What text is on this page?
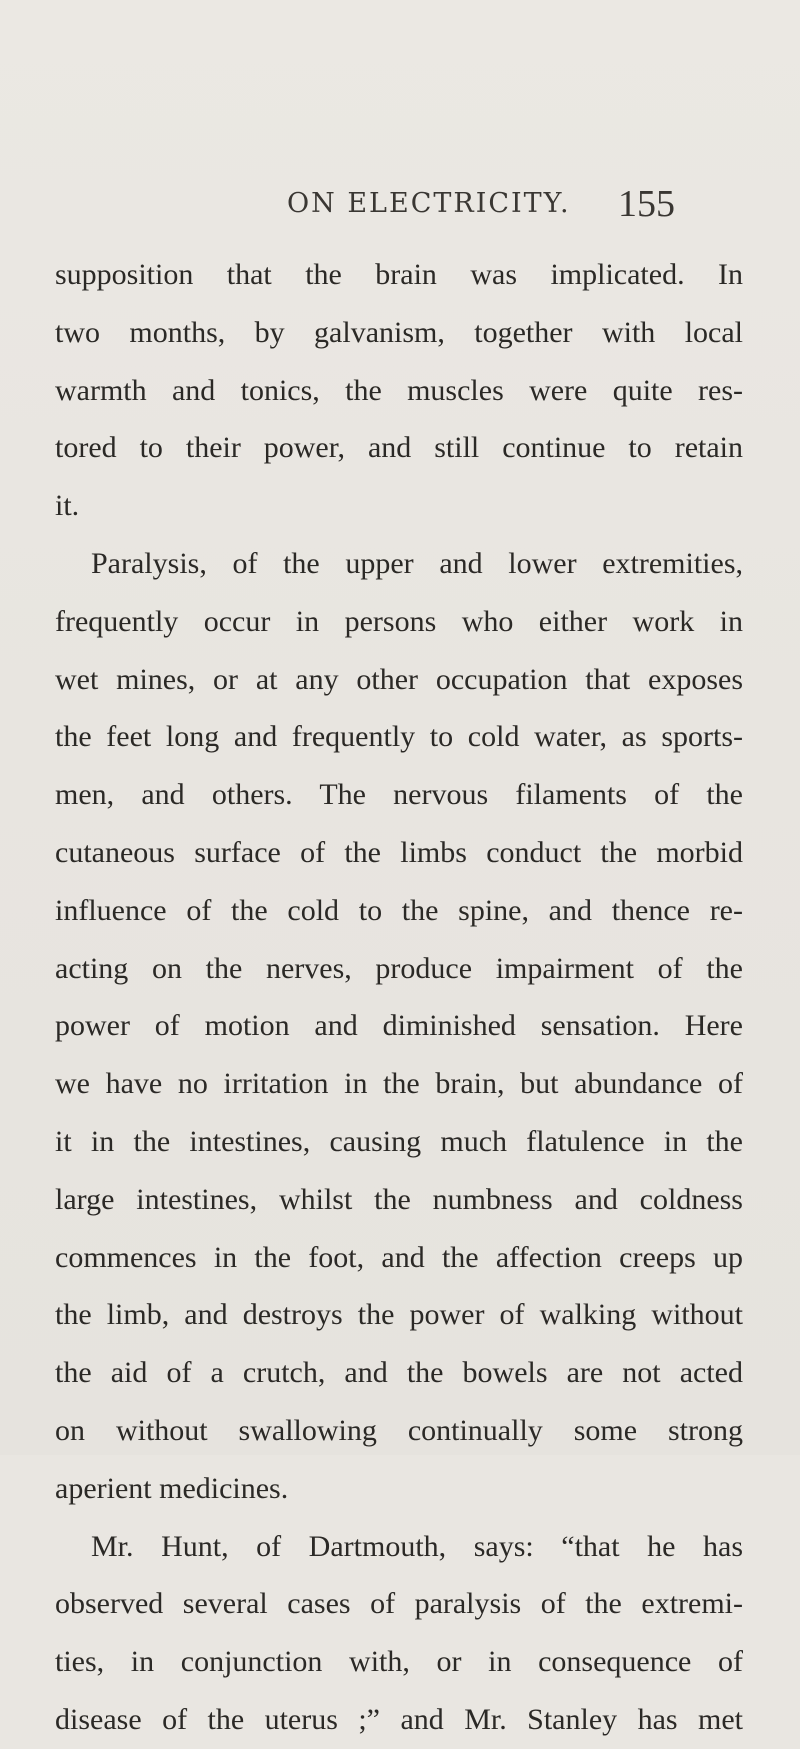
ON ELECTRICITY. 155
supposition that the brain was implicated. In
two months, by galvanism, together with local
warmth and tonics, the muscles were quite res-
tored to their power, and still continue to retain
it.
Paralysis, of the upper and lower extremities,
frequently occur in persons who either work in
wet mines, or at any other occupation that exposes
the feet long and frequently to cold water, as sports-
men, and others. The nervous filaments of the
cutaneous surface of the limbs conduct the morbid
influence of the cold to the spine, and thence re-
acting on the nerves, produce impairment of the
power of motion and diminished sensation. Here
we have no irritation in the brain, but abundance of
it in the intestines, causing much flatulence in the
large intestines, whilst the numbness and coldness
commences in the foot, and the affection creeps up
the limb, and destroys the power of walking without
the aid of a crutch, and the bowels are not acted
on without swallowing continually some strong
aperient medicines.
Mr. Hunt, of Dartmouth, says: “that he has
observed several cases of paralysis of the extremi-
ties, in conjunction with, or in consequence of
disease of the uterus ;” and Mr. Stanley has met
